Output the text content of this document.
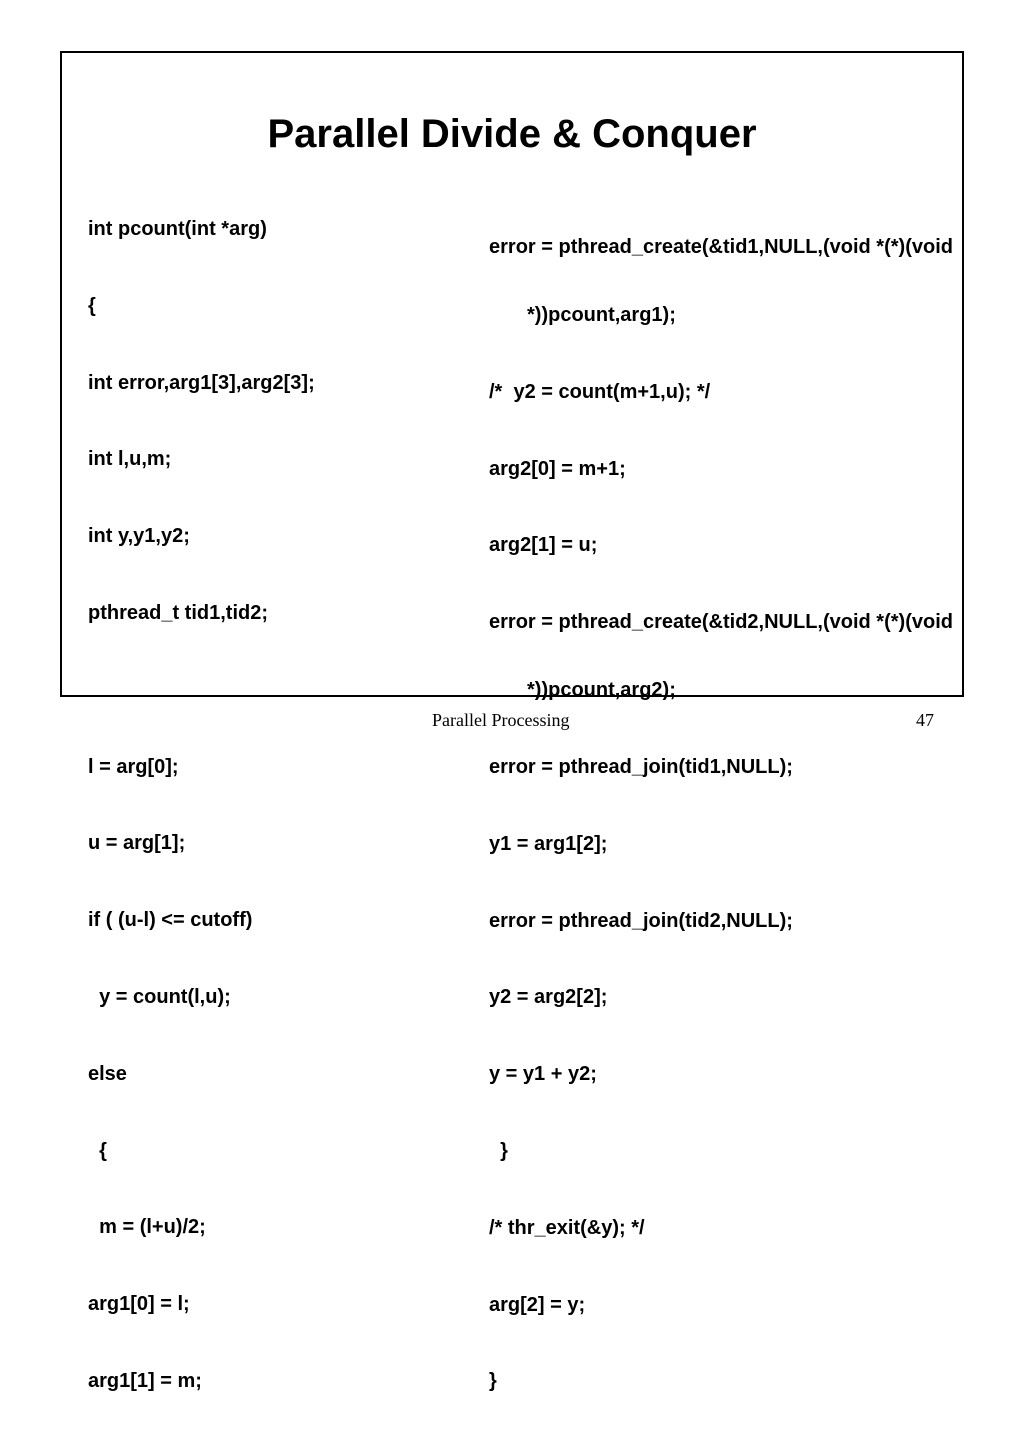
Parallel Divide & Conquer

int pcount(int *arg)

{

int error,arg1[3],arg2[3];

int l,u,m;

int y,y1,y2;

pthread_t tid1,tid2;

l = arg[0];

u = arg[1];

if ( (u-l) <= cutoff)

y = count(l,u);

else

{

m = (l+u)/2;

arg1[0] = l;

arg1[1] = m;

error = pthread_create(&tid1,NULL,(void *(*)(void

*))pcount,arg1);

/*  y2 = count(m+1,u); */

arg2[0] = m+1;

arg2[1] = u;

error = pthread_create(&tid2,NULL,(void *(*)(void

*))pcount,arg2);

error = pthread_join(tid1,NULL);

y1 = arg1[2];

error = pthread_join(tid2,NULL);

y2 = arg2[2];

y = y1 + y2;

}

/* thr_exit(&y); */

arg[2] = y;

}

Parallel Processing	47
